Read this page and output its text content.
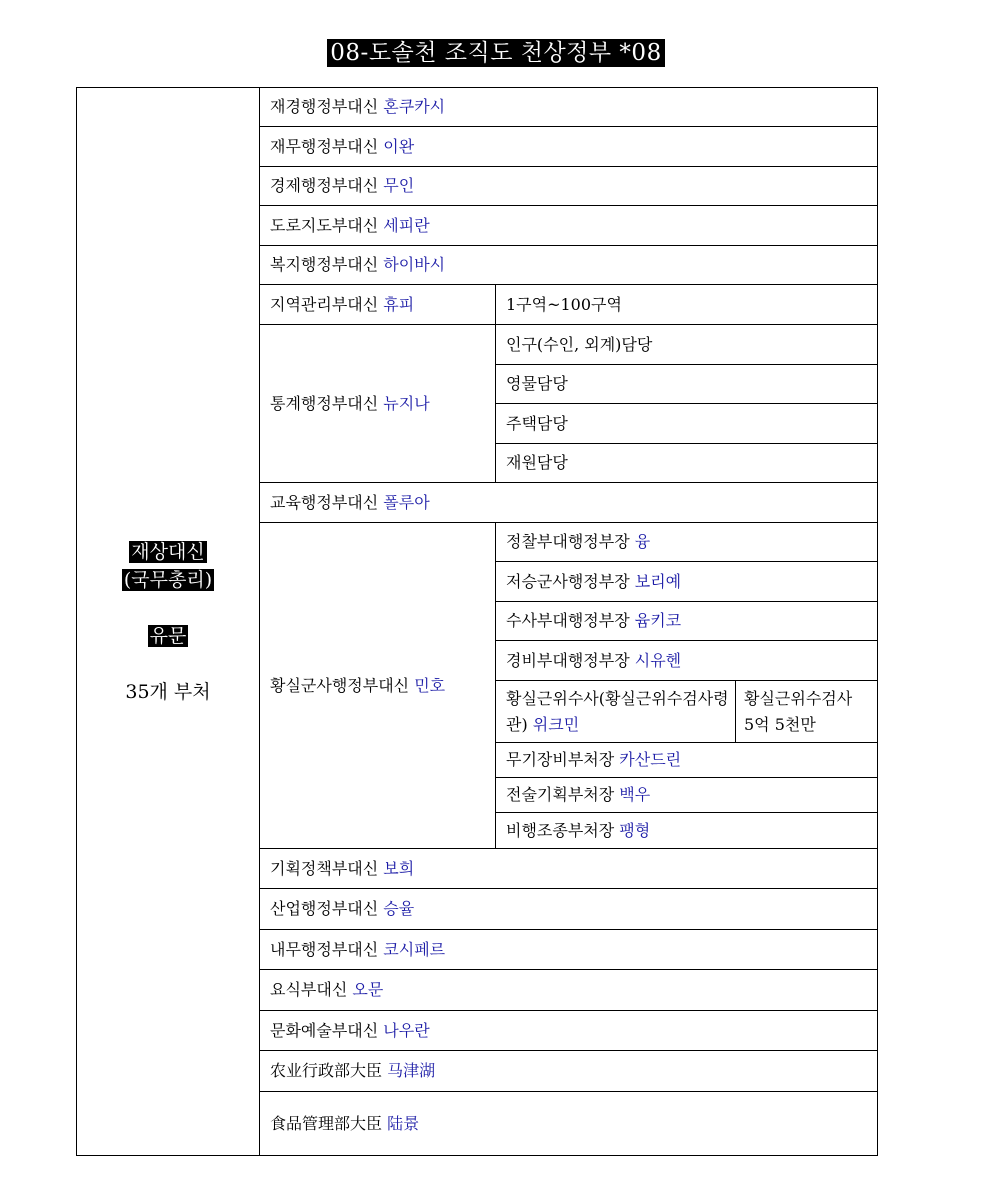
08-도솔천 조직도 천상정부 *08
재상대신
(국무총리)
유문
35개 부처	재경행정부대신 혼쿠카시		
	재무행정부대신 이완		
	경제행정부대신 무인		
	도로지도부대신 세피란		
	복지행정부대신 하이바시		
	지역관리부대신 휴피	1구역~100구역	
	통계행정부대신 뉴지나	인구(수인, 외계)담당	
		영물담당	
		주택담당	
		재원담당	
	교육행정부대신 폴루아		
	황실군사행정부대신 민호	정찰부대행정부장 융	
		저승군사행정부장 보리예	
		수사부대행정부장 윰키코	
		경비부대행정부장 시유헨	
		황실근위수사(황실근위수검사령관) 위크민	황실근위수검사
5억 5천만

		무기장비부처장 카산드린	
		전술기획부처장 백우	
		비행조종부처장 팽형	
	기획정책부대신 보희		
	산업행정부대신 승율		
	내무행정부대신 코시페르		
	요식부대신 오문		
	문화예술부대신 나우란		
	农业行政部大臣 马津湖		
	食品管理部大臣 陆景		
